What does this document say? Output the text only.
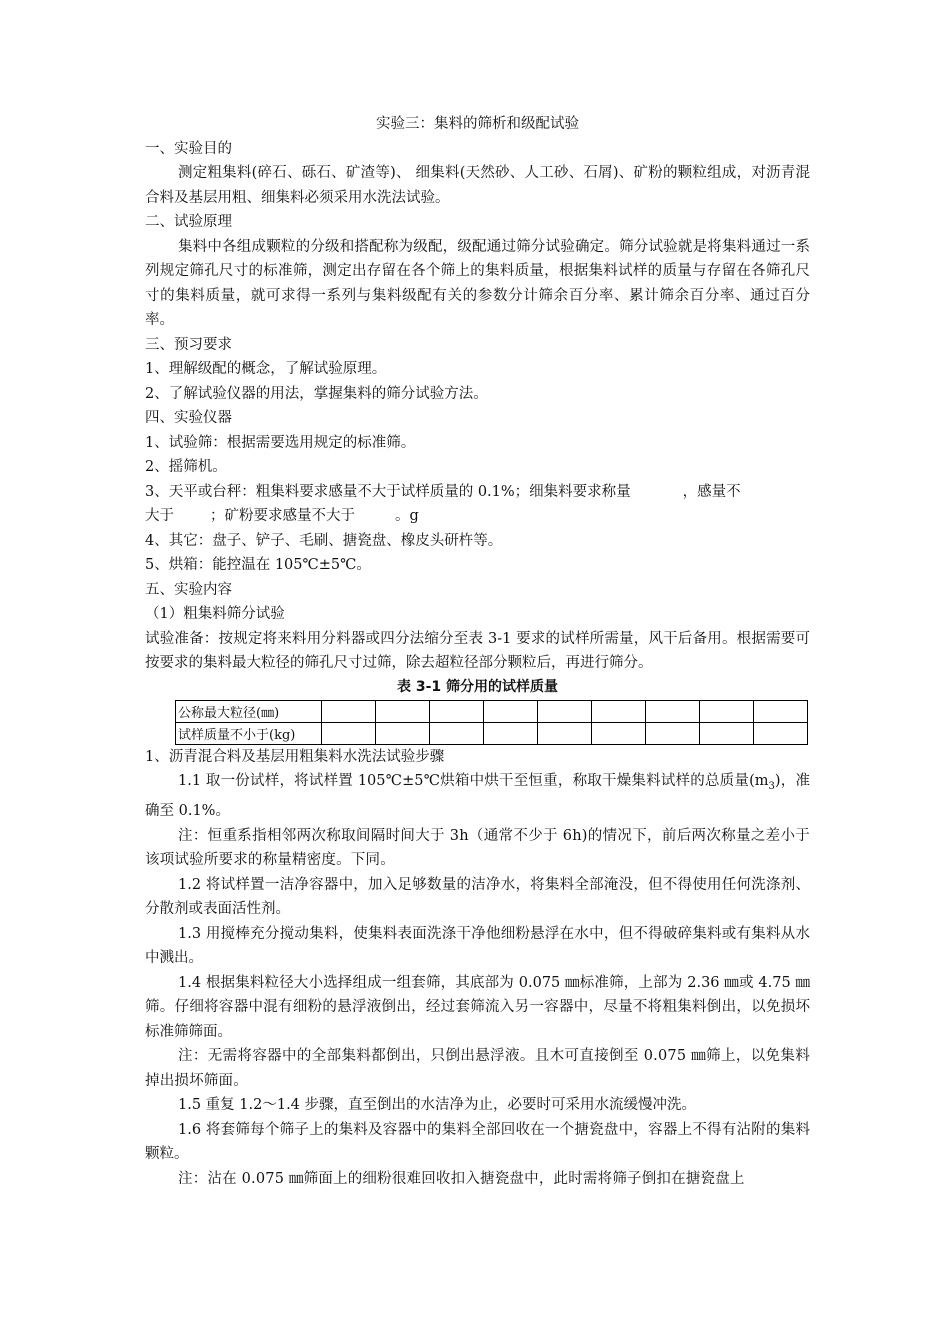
实验三：集料的筛析和级配试验
一、实验目的
测定粗集料(碎石、砾石、矿渣等)、 细集料(天然砂、人工砂、石屑)、矿粉的颗粒组成，对沥青混合料及基层用粗、细集料必须采用水洗法试验。
二、试验原理
集料中各组成颗粒的分级和搭配称为级配，级配通过筛分试验确定。筛分试验就是将集料通过一系列规定筛孔尺寸的标准筛，测定出存留在各个筛上的集料质量，根据集料试样的质量与存留在各筛孔尺寸的集料质量，就可求得一系列与集料级配有关的参数分计筛余百分率、累计筛余百分率、通过百分率。
三、预习要求
1、理解级配的概念，了解试验原理。
2、了解试验仪器的用法，掌握集料的筛分试验方法。
四、实验仪器
1、试验筛：根据需要选用规定的标准筛。
2、摇筛机。
3、天平或台秤：粗集料要求感量不大于试样质量的 0.1%；细集料要求称量	，感量不
大于 ；矿粉要求感量不大于	。g
4、其它：盘子、铲子、毛刷、搪瓷盘、橡皮头研杵等。
5、烘箱：能控温在 105℃±5℃。
五、实验内容
（1）粗集料筛分试验
试验准备：按规定将来料用分料器或四分法缩分至表 3-1 要求的试样所需量，风干后备用。根据需要可按要求的集料最大粒径的筛孔尺寸过筛，除去超粒径部分颗粒后，再进行筛分。
表 3-1 筛分用的试样质量
公称最大粒径(㎜)									
试样质量不小于(kg)									
1、沥青混合料及基层用粗集料水洗法试验步骤
1.1 取一份试样，将试样置 105℃±5℃烘箱中烘干至恒重，称取干燥集料试样的总质量$(m_3)$，准确至 0.1%。
注：恒重系指相邻两次称取间隔时间大于 3h（通常不少于 6h)的情况下，前后两次称量之差小于该项试验所要求的称量精密度。下同。
1.2 将试样置一洁净容器中，加入足够数量的洁净水，将集料全部淹没，但不得使用任何洗涤剂、分散剂或表面活性剂。
1.3 用搅棒充分搅动集料，使集料表面洗涤干净他细粉悬浮在水中，但不得破碎集料或有集料从水中溅出。
1.4 根据集料粒径大小选择组成一组套筛，其底部为 0.075 ㎜标准筛，上部为 2.36 ㎜或 4.75 ㎜筛。仔细将容器中混有细粉的悬浮液倒出，经过套筛流入另一容器中，尽量不将粗集料倒出，以免损坏标准筛筛面。
注：无需将容器中的全部集料都倒出，只倒出悬浮液。且木可直接倒至 0.075 ㎜筛上，以免集料掉出损坏筛面。
1.5 重复 1.2～1.4 步骤，直至倒出的水洁净为止，必要时可采用水流缓慢冲洗。
1.6 将套筛每个筛子上的集料及容器中的集料全部回收在一个搪瓷盘中，容器上不得有沾附的集料颗粒。
注：沾在 0.075 ㎜筛面上的细粉很难回收扣入搪瓷盘中，此时需将筛子倒扣在搪瓷盘上
